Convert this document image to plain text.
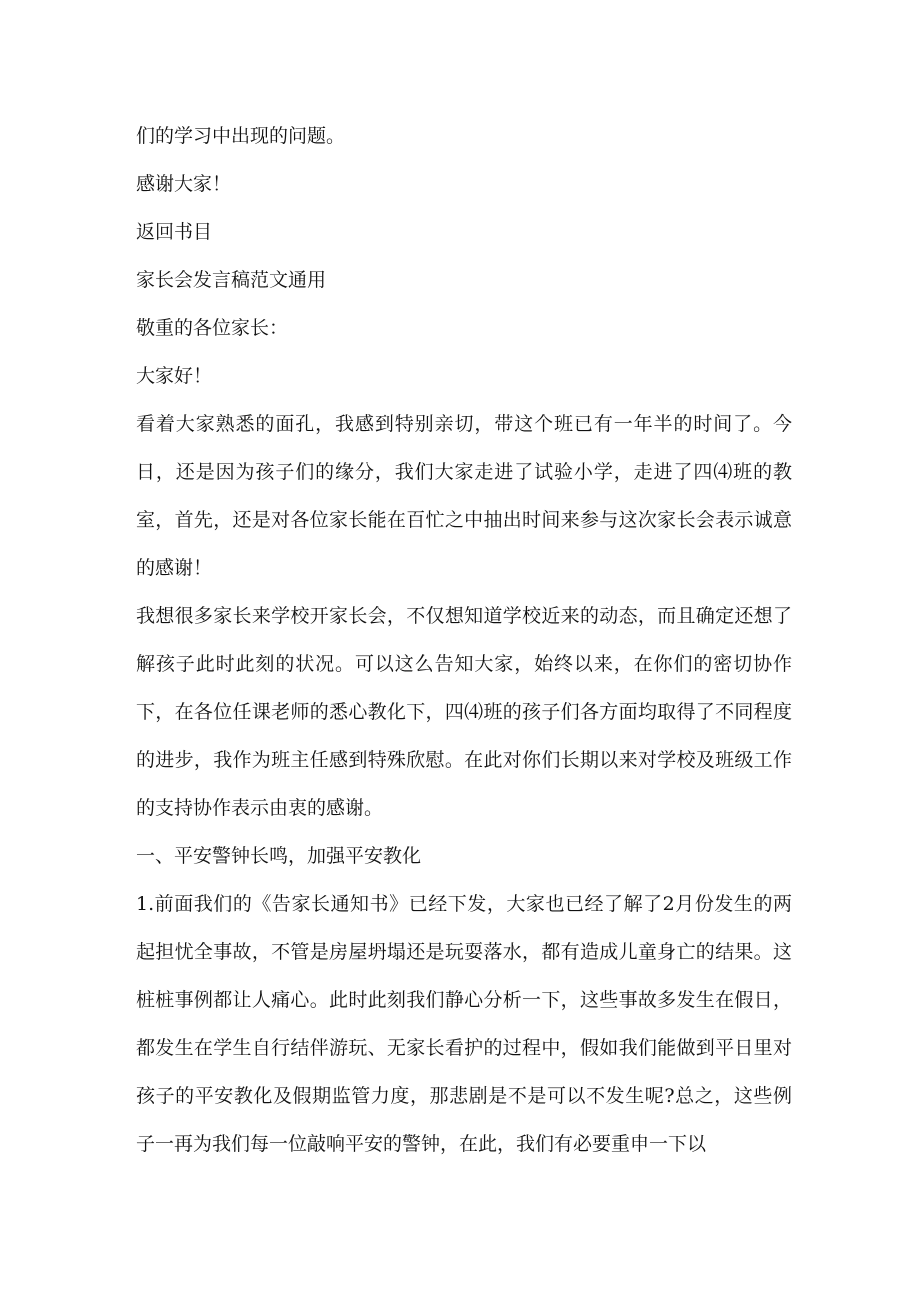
们的学习中出现的问题。
感谢大家！
返回书目
家长会发言稿范文通用
敬重的各位家长：
大家好！
看着大家熟悉的面孔，我感到特别亲切，带这个班已有一年半的时间了。今日，还是因为孩子们的缘分，我们大家走进了试验小学，走进了四⑷班的教室，首先，还是对各位家长能在百忙之中抽出时间来参与这次家长会表示诚意的感谢！
我想很多家长来学校开家长会，不仅想知道学校近来的动态，而且确定还想了解孩子此时此刻的状况。可以这么告知大家，始终以来，在你们的密切协作下，在各位任课老师的悉心教化下，四⑷班的孩子们各方面均取得了不同程度的进步，我作为班主任感到特殊欣慰。在此对你们长期以来对学校及班级工作的支持协作表示由衷的感谢。
一、平安警钟长鸣，加强平安教化
1.前面我们的《告家长通知书》已经下发，大家也已经了解了2月份发生的两起担忧全事故，不管是房屋坍塌还是玩耍落水，都有造成儿童身亡的结果。这桩桩事例都让人痛心。此时此刻我们静心分析一下，这些事故多发生在假日，都发生在学生自行结伴游玩、无家长看护的过程中，假如我们能做到平日里对孩子的平安教化及假期监管力度，那悲剧是不是可以不发生呢?总之，这些例子一再为我们每一位敲响平安的警钟，在此，我们有必要重申一下以
